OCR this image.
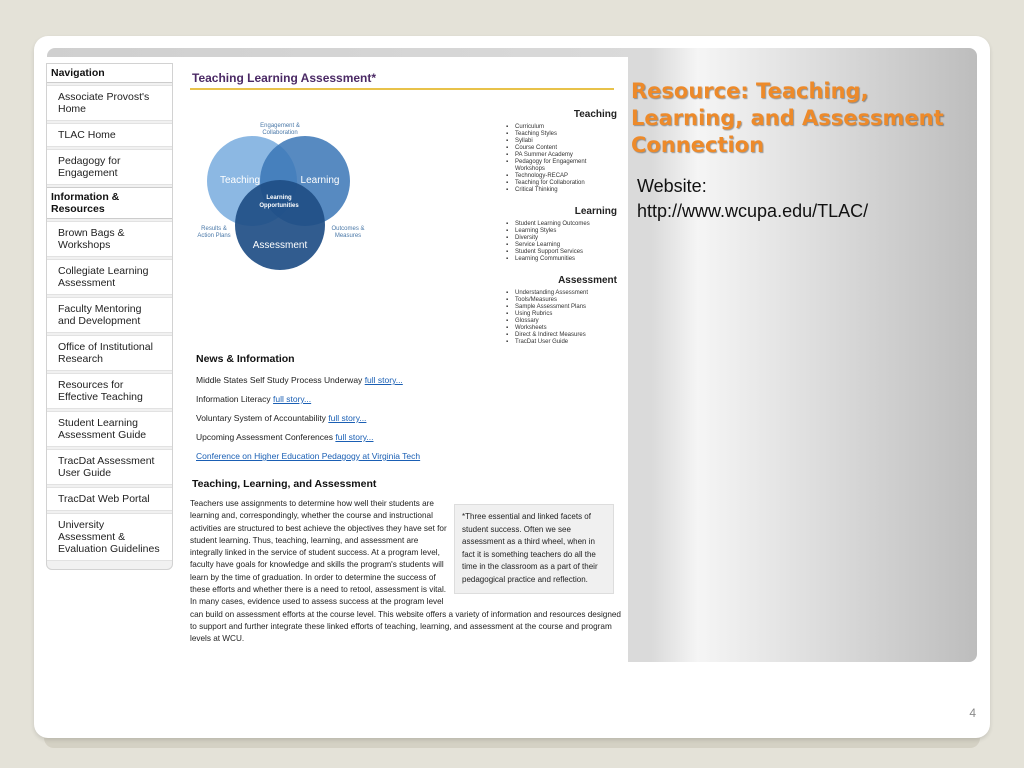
4
Navigation
Associate Provost's Home
TLAC Home
Pedagogy for Engagement
Information & Resources
Brown Bags & Workshops
Collegiate Learning Assessment
Faculty Mentoring and Development
Office of Institutional Research
Resources for Effective Teaching
Student Learning Assessment Guide
TracDat Assessment User Guide
TracDat Web Portal
University Assessment & Evaluation Guidelines
Teaching Learning Assessment*
Teaching	Learning
Assessment
Learning
Opportunities
Engagement &
Collaboration
Results &
Action Plans
Outcomes &
Measures
Teaching
▪ Curriculum
▪ Teaching Styles
▪ Syllabi
▪ Course Content
▪ PA Summer Academy
▪ Pedagogy for Engagement Workshops
▪ Technology-RECAP
▪ Teaching for Collaboration
▪ Critical Thinking
Learning
▪ Student Learning Outcomes
▪ Learning Styles
▪ Diversity
▪ Service Learning
▪ Student Support Services
▪ Learning Communities
Assessment
▪ Understanding Assessment
▪ Tools/Measures
▪ Sample Assessment Plans
▪ Using Rubrics
▪ Glossary
▪ Worksheets
▪ Direct & Indirect Measures
▪ TracDat User Guide
News & Information
Middle States Self Study Process Underway full story...
Information Literacy full story...
Voluntary System of Accountability full story...
Upcoming Assessment Conferences full story...
Conference on Higher Education Pedagogy at Virginia Tech
Teaching, Learning, and Assessment
*Three essential and linked facets of student success. Often we see assessment as a third wheel, when in fact it is something teachers do all the time in the classroom as a part of their pedagogical practice and reflection.
Teachers use assignments to determine how well their students are learning and, correspondingly, whether the course and instructional activities are structured to best achieve the objectives they have set for student learning. Thus, teaching, learning, and assessment are integrally linked in the service of student success. At a program level, faculty have goals for knowledge and skills the program's students will learn by the time of graduation. In order to determine the success of these efforts and whether there is a need to retool, assessment is vital. In many cases, evidence used to assess success at the program level can build on assessment efforts at the course level. This website offers a variety of information and resources designed to support and further integrate these linked efforts of teaching, learning, and assessment at the course and program levels at WCU.
Resource: Teaching, Learning, and Assessment Connection
Website:
http://www.wcupa.edu/TLAC/
